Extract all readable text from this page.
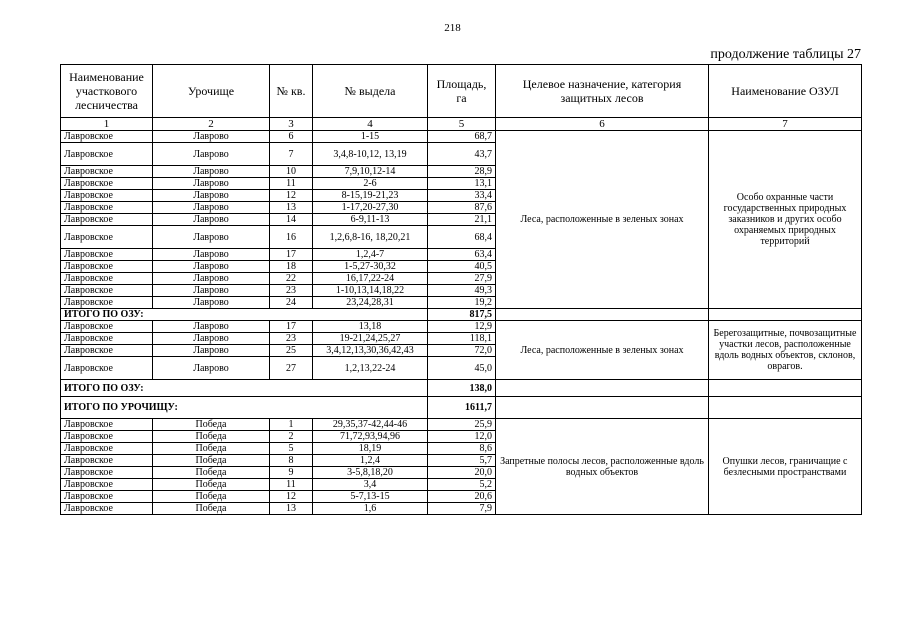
218
продолжение таблицы 27
Наименование участкового лесничества	Урочище	№ кв.	№ выдела	Площадь, га	Целевое назначение, категория защитных лесов	Наименование ОЗУЛ
1	2	3	4	5	6	7
Лавровское	Лаврово	6	1-15	68,7	Леса, расположенные в зеленых зонах	Особо охранные части государственных природных заказников и других особо охраняемых природных территорий
Лавровское	Лаврово	7	3,4,8-10,12, 13,19	43,7		
Лавровское	Лаврово	10	7,9,10,12-14	28,9		
Лавровское	Лаврово	11	2-6	13,1		
Лавровское	Лаврово	12	8-15,19-21,23	33,4		
Лавровское	Лаврово	13	1-17,20-27,30	87,6		
Лавровское	Лаврово	14	6-9,11-13	21,1		
Лавровское	Лаврово	16	1,2,6,8-16, 18,20,21	68,4		
Лавровское	Лаврово	17	1,2,4-7	63,4		
Лавровское	Лаврово	18	1-5,27-30,32	40,5		
Лавровское	Лаврово	22	16,17,22-24	27,9		
Лавровское	Лаврово	23	1-10,13,14,18,22	49,3		
Лавровское	Лаврово	24	23,24,28,31	19,2		
ИТОГО ПО ОЗУ:				817,5		
Лавровское	Лаврово	17	13,18	12,9	Леса, расположенные в зеленых зонах	Берегозащитные, почвозащитные участки лесов, расположенные вдоль водных объектов, склонов, оврагов.
Лавровское	Лаврово	23	19-21,24,25,27	118,1		
Лавровское	Лаврово	25	3,4,12,13,30,36,42,43	72,0		
Лавровское	Лаврово	27	1,2,13,22-24	45,0		
ИТОГО ПО ОЗУ:				138,0		
ИТОГО ПО УРОЧИЩУ:				1611,7		
Лавровское	Победа	1	29,35,37-42,44-46	25,9	Запретные полосы лесов, расположенные вдоль водных объектов	Опушки лесов, граничащие с безлесными пространствами
Лавровское	Победа	2	71,72,93,94,96	12,0		
Лавровское	Победа	5	18,19	8,6		
Лавровское	Победа	8	1,2,4	5,7		
Лавровское	Победа	9	3-5,8,18,20	20,0		
Лавровское	Победа	11	3,4	5,2		
Лавровское	Победа	12	5-7,13-15	20,6		
Лавровское	Победа	13	1,6	7,9		
